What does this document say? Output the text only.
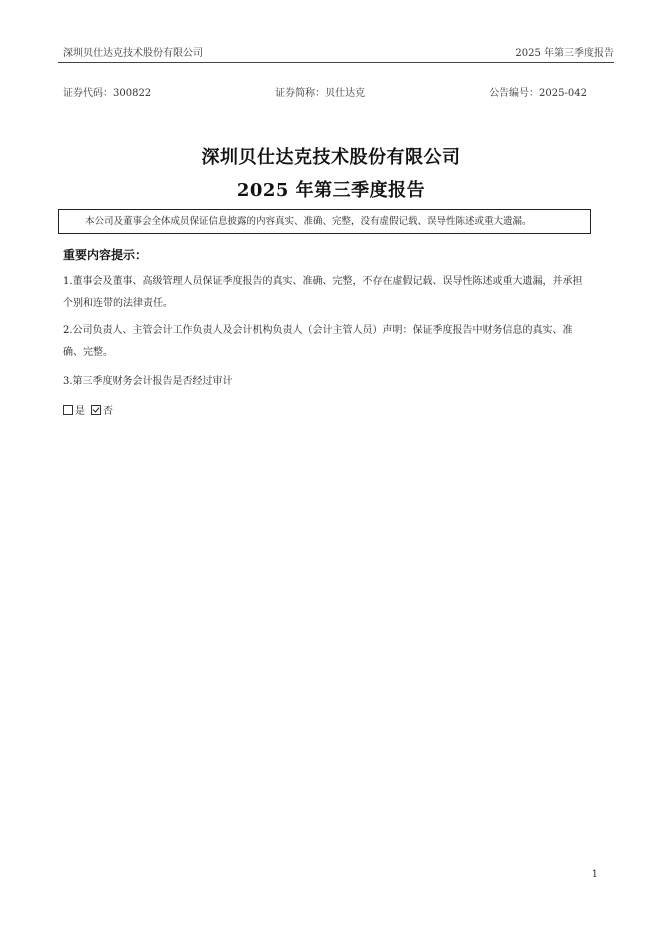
深圳贝仕达克技术股份有限公司	2025 年第三季度报告
证券代码：300822	证券简称：贝仕达克	公告编号：2025-042
深圳贝仕达克技术股份有限公司
2025 年第三季度报告
本公司及董事会全体成员保证信息披露的内容真实、准确、完整，没有虚假记载、误导性陈述或重大遗漏。
重要内容提示：
1.董事会及董事、高级管理人员保证季度报告的真实、准确、完整，不存在虚假记载、误导性陈述或重大遗漏，并承担
个别和连带的法律责任。
2.公司负责人、主管会计工作负责人及会计机构负责人（会计主管人员）声明：保证季度报告中财务信息的真实、准
确、完整。
3.第三季度财务会计报告是否经过审计
是 否
1
